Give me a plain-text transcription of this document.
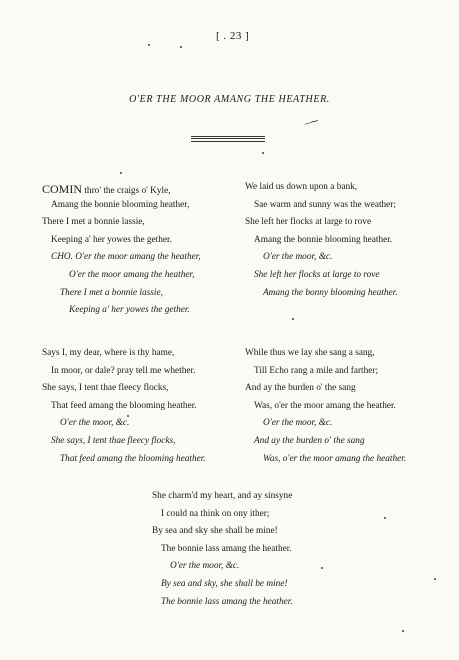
[ . 23 ]
O'ER THE MOOR AMANG THE HEATHER.
~⁓
COMIN thro' the craigs o' Kyle,
Amang the bonnie blooming heather,
There I met a bonnie lassie,
Keeping a' her yowes the gether.
CHO. O'er the moor amang the heather,
O'er the moor amang the heather,
There I met a bonnie lassie,
Keeping a' her yowes the gether.
We laid us down upon a bank,
Sae warm and sunny was the weather;
She left her flocks at large to rove
Amang the bonnie blooming heather.
O'er the moor, &c.
She left her flocks at large to rove
Amang the bonny blooming heather.
Says I, my dear, where is thy hame,
In moor, or dale? pray tell me whether.
She says, I tent thae fleecy flocks,
That feed amang the blooming heather.
O'er the moor, &c.
She says, I tent thae fleecy flocks,
That feed amang the blooming heather.
While thus we lay she sang a sang,
Till Echo rang a mile and farther;
And ay the burden o' the sang
Was, o'er the moor amang the heather.
O'er the moor, &c.
And ay the burden o' the sang
Was, o'er the moor amang the heather.
She charm'd my heart, and ay sinsyne
I could na think on ony ither;
By sea and sky she shall be mine!
The bonnie lass amang the heather.
O'er the moor, &c.
By sea and sky, she shall be mine!
The bonnie lass amang the heather.
